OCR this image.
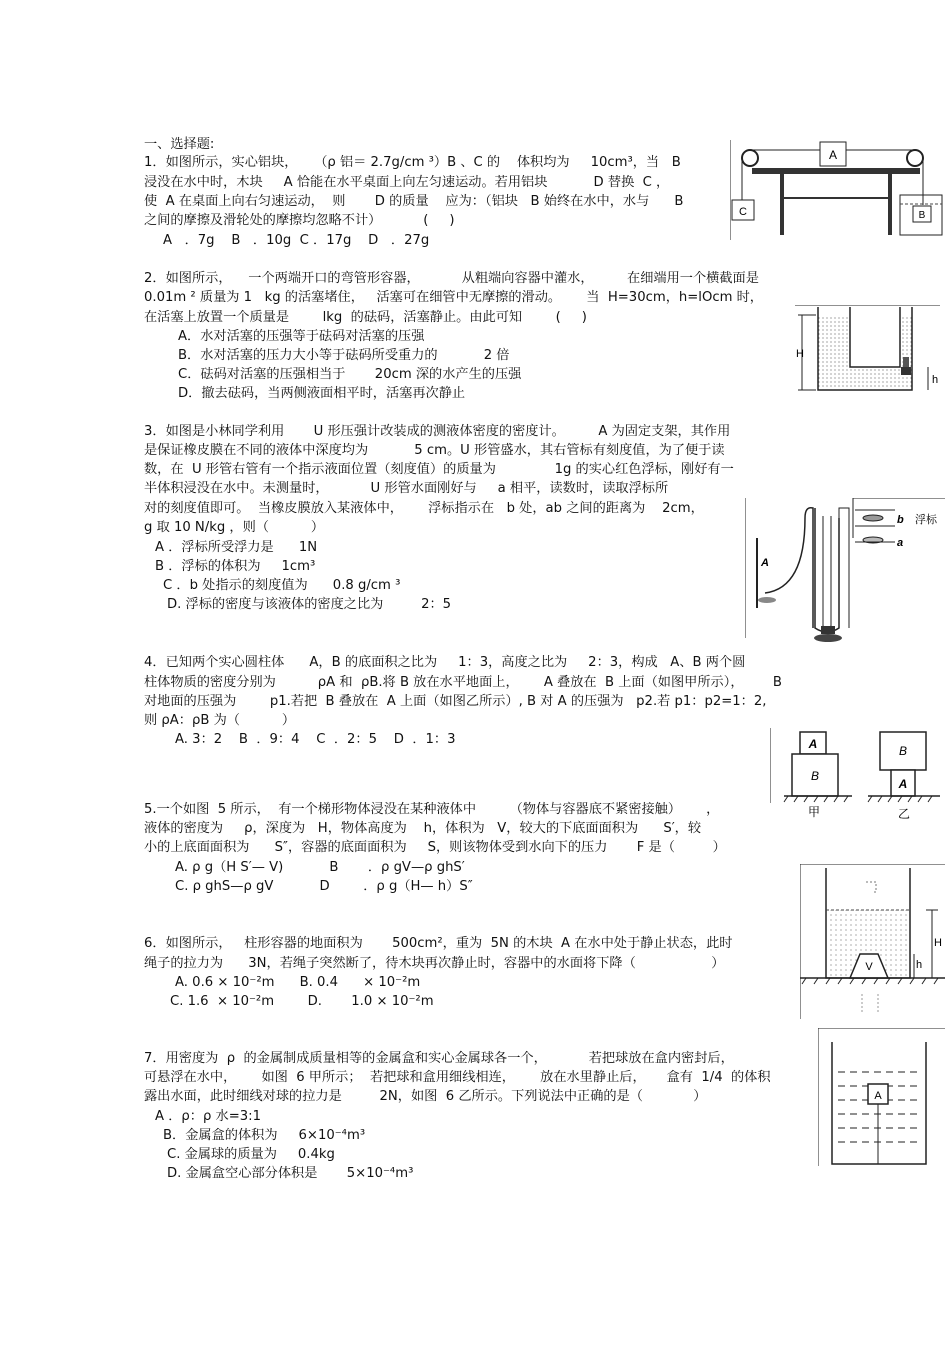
一、选择题:
1．如图所示，实心铝块，    （ρ 铝＝ 2.7g/cm ³）B 、C 的    体积均为     10cm³，当   B
浸没在水中时，木块     A 恰能在水平桌面上向左匀速运动。若用铝块           D 替换  C ，
使  A 在桌面上向右匀速运动，  则       D 的质量    应为：（铝块   B 始终在水中，水与      B
之间的摩擦及滑轮处的摩擦均忽略不计）          (     )
A   ．7g    B   ．10g  C ．17g    D   ．27g
2．如图所示，    一个两端开口的弯管形容器，          从粗端向容器中灌水，        在细端用一个横截面是
0.01m ² 质量为 1   kg 的活塞堵住，   活塞可在细管中无摩擦的滑动。      当  H=30cm，h=lOcm 时，
在活塞上放置一个质量是        lkg  的砝码，活塞静止。由此可知        (     )
A．水对活塞的压强等于砝码对活塞的压强
B．水对活塞的压力大小等于砝码所受重力的           2 倍
C．砝码对活塞的压强相当于       20cm 深的水产生的压强
D．撤去砝码，当两侧液面相平时，活塞再次静止
3．如图是小林同学利用       U 形压强计改装成的测液体密度的密度计。        A 为固定支架，其作用
是保证橡皮膜在不同的液体中深度均为           5 cm。U 形管盛水，其右管标有刻度值，为了便于读
数，在  U 形管右管有一个指示液面位置（刻度值）的质量为              1g 的实心红色浮标，刚好有一
半体积浸没在水中。未测量时，          U 形管水面刚好与     a 相平，读数时，读取浮标所
对的刻度值即可。  当橡皮膜放入某液体中，      浮标指示在   b 处，ab 之间的距离为    2cm，
g 取 10 N/kg ，则（          ）
A ．浮标所受浮力是      1N
B ．浮标的体积为     1cm³
C ．b 处指示的刻度值为      0.8 g/cm ³
D. 浮标的密度与该液体的密度之比为         2：5
4．已知两个实心圆柱体      A，B 的底面积之比为     1：3，高度之比为     2：3，构成   A、B 两个圆
柱体物质的密度分别为          ρA 和  ρB.将 B 放在水平地面上，      A 叠放在  B 上面（如图甲所示），       B
对地面的压强为        p1.若把  B 叠放在  A 上面（如图乙所示）, B 对 A 的压强为   p2.若 p1：p2=1：2,
则 ρA：ρB 为（          ）
A. 3：2    B  ．9：4    C  ．2：5    D  ．1：3
5.一个如图  5 所示，  有一个梯形物体浸没在某种液体中        （物体与容器底不紧密接触）      ，
液体的密度为     ρ，深度为   H，物体高度为    h，体积为   V，较大的下底面面积为      S′，较
小的上底面面积为      S″，容器的底面面积为     S，则该物体受到水向下的压力       F 是（         ）
A. ρ g（H S′— V)           B       ．ρ gV—ρ ghS′
C. ρ ghS—ρ gV           D        ．ρ g（H— h）S″
6．如图所示，   柱形容器的地面积为       500cm²，重为  5N 的木块  A 在水中处于静止状态，此时
绳子的拉力为      3N，若绳子突然断了，待木块再次静止时，容器中的水面将下降（                  ）
A. 0.6 × 10⁻²m      B. 0.4      × 10⁻²m
C. 1.6  × 10⁻²m        D.       1.0 × 10⁻²m
7．用密度为  ρ  的金属制成质量相等的金属盒和实心金属球各一个，          若把球放在盒内密封后，
可悬浮在水中，      如图  6 甲所示；  若把球和盒用细线相连，      放在水里静止后，     盒有  1/4  的体积
露出水面，此时细线对球的拉力是         2N，如图  6 乙所示。下列说法中正确的是（            ）
A ．ρ：ρ 水=3:1
B．金属盒的体积为     6×10⁻⁴m³
C. 金属球的质量为     0.4kg
D. 金属盒空心部分体积是       5×10⁻⁴m³
A
C	B
H
h
A
b
a
浮标
A
B
B
A
甲	乙
V
H
h
A
